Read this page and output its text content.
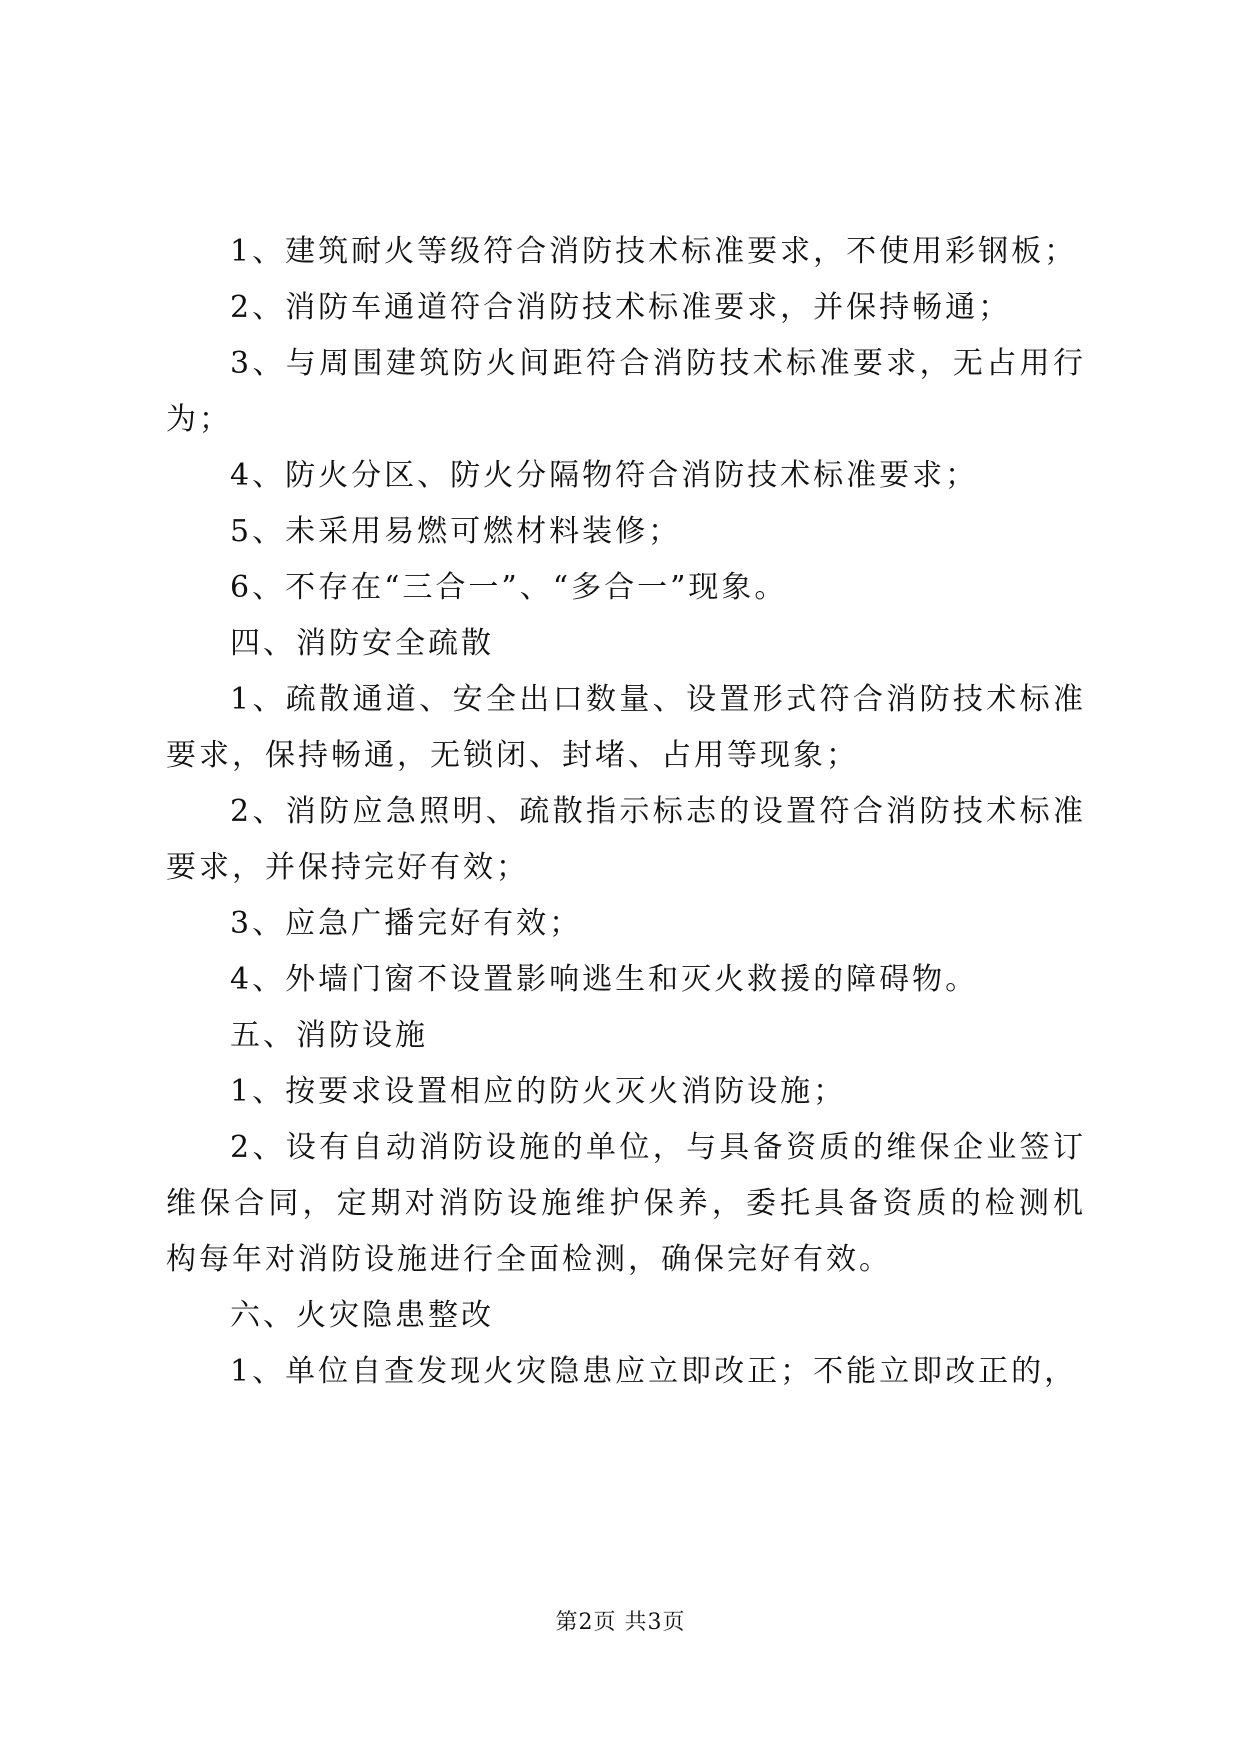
1、建筑耐火等级符合消防技术标准要求，不使用彩钢板；

2、消防车通道符合消防技术标准要求，并保持畅通；

3、与周围建筑防火间距符合消防技术标准要求，无占用行为；

4、防火分区、防火分隔物符合消防技术标准要求；

5、未采用易燃可燃材料装修；

6、不存在“三合一”、“多合一”现象。

四、消防安全疏散

1、疏散通道、安全出口数量、设置形式符合消防技术标准要求，保持畅通，无锁闭、封堵、占用等现象；

2、消防应急照明、疏散指示标志的设置符合消防技术标准要求，并保持完好有效；

3、应急广播完好有效；

4、外墙门窗不设置影响逃生和灭火救援的障碍物。

五、消防设施

1、按要求设置相应的防火灭火消防设施；

2、设有自动消防设施的单位，与具备资质的维保企业签订维保合同，定期对消防设施维护保养，委托具备资质的检测机构每年对消防设施进行全面检测，确保完好有效。

六、火灾隐患整改

1、单位自查发现火灾隐患应立即改正；不能立即改正的，

第2页 共3页
